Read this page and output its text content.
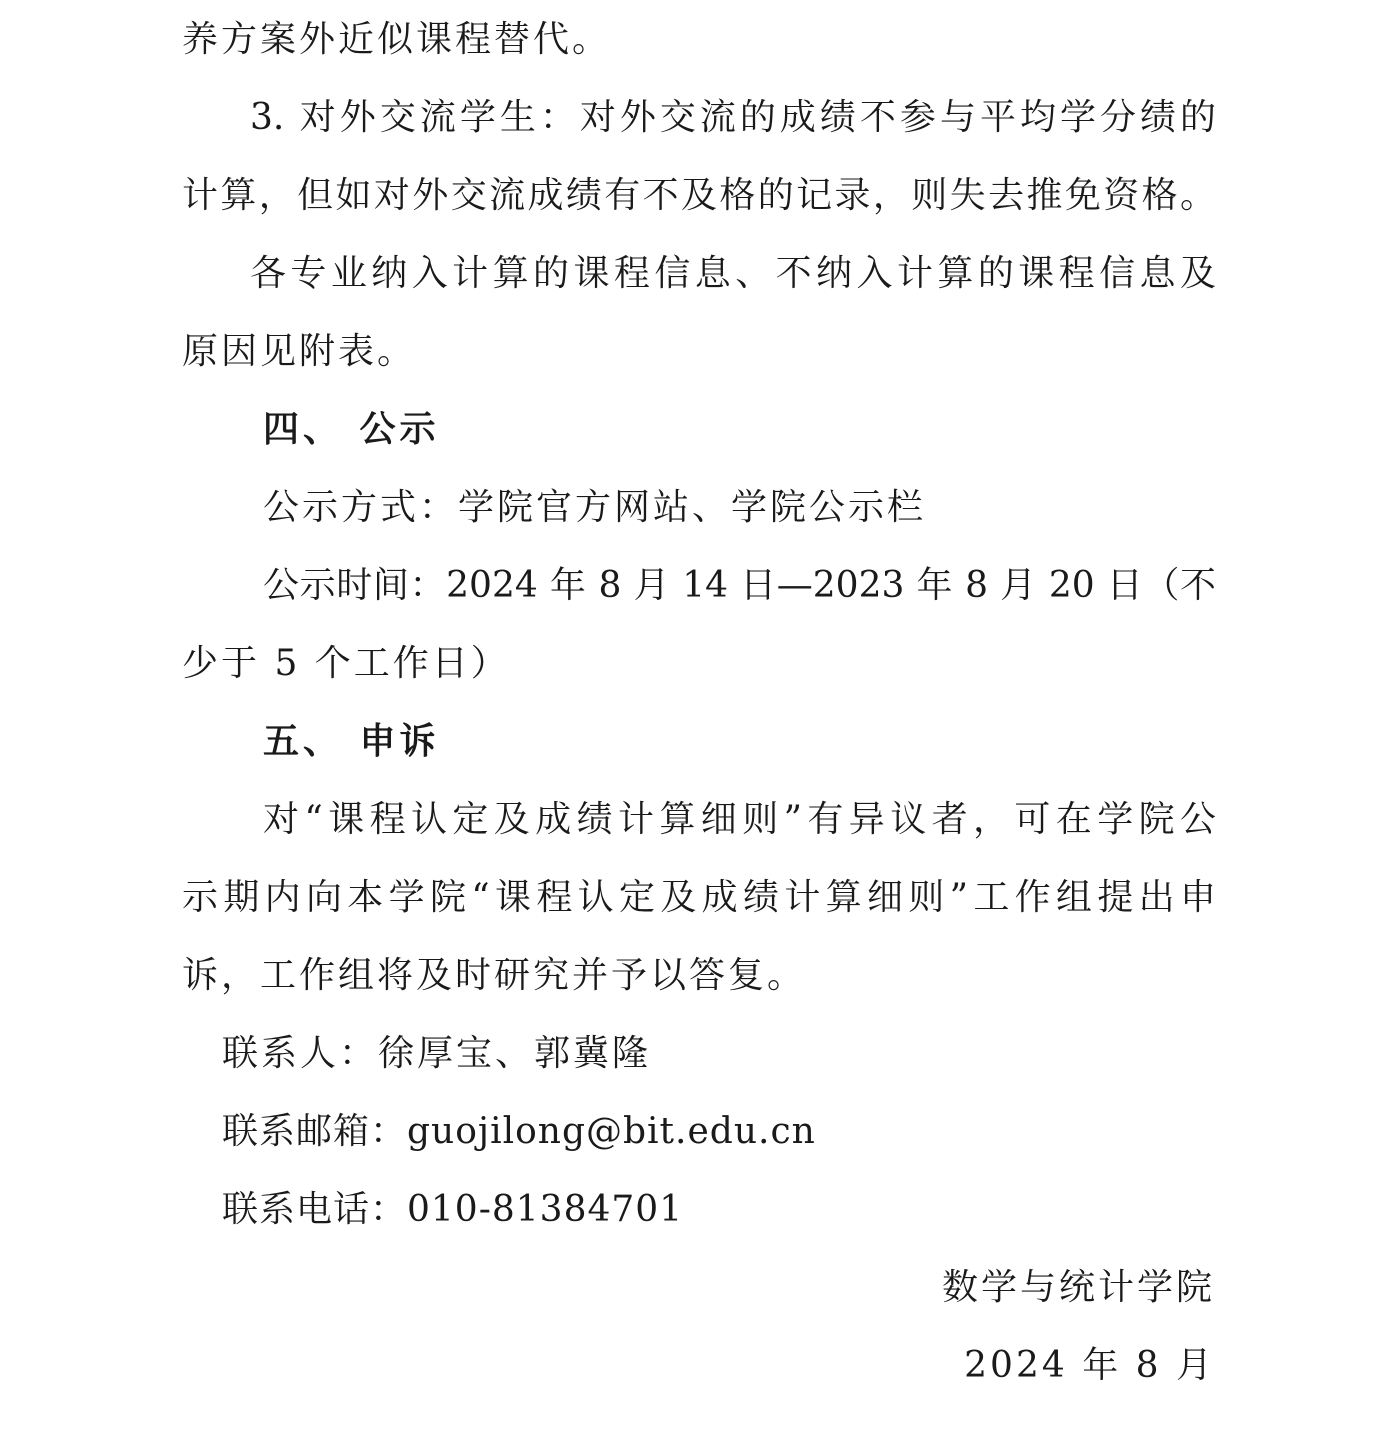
养方案外近似课程替代。
3. 对外交流学生：对外交流的成绩不参与平均学分绩的
计算，但如对外交流成绩有不及格的记录，则失去推免资格。
各专业纳入计算的课程信息、不纳入计算的课程信息及
原因见附表。
四、 公示
公示方式：学院官方网站、学院公示栏
公示时间：2024 年 8 月 14 日—2023 年 8 月 20 日（不
少于 5 个工作日）
五、 申诉
对“课程认定及成绩计算细则”有异议者，可在学院公
示期内向本学院“课程认定及成绩计算细则”工作组提出申
诉，工作组将及时研究并予以答复。
联系人：徐厚宝、郭冀隆
联系邮箱：guojilong@bit.edu.cn
联系电话：010-81384701
数学与统计学院
2024 年 8 月
